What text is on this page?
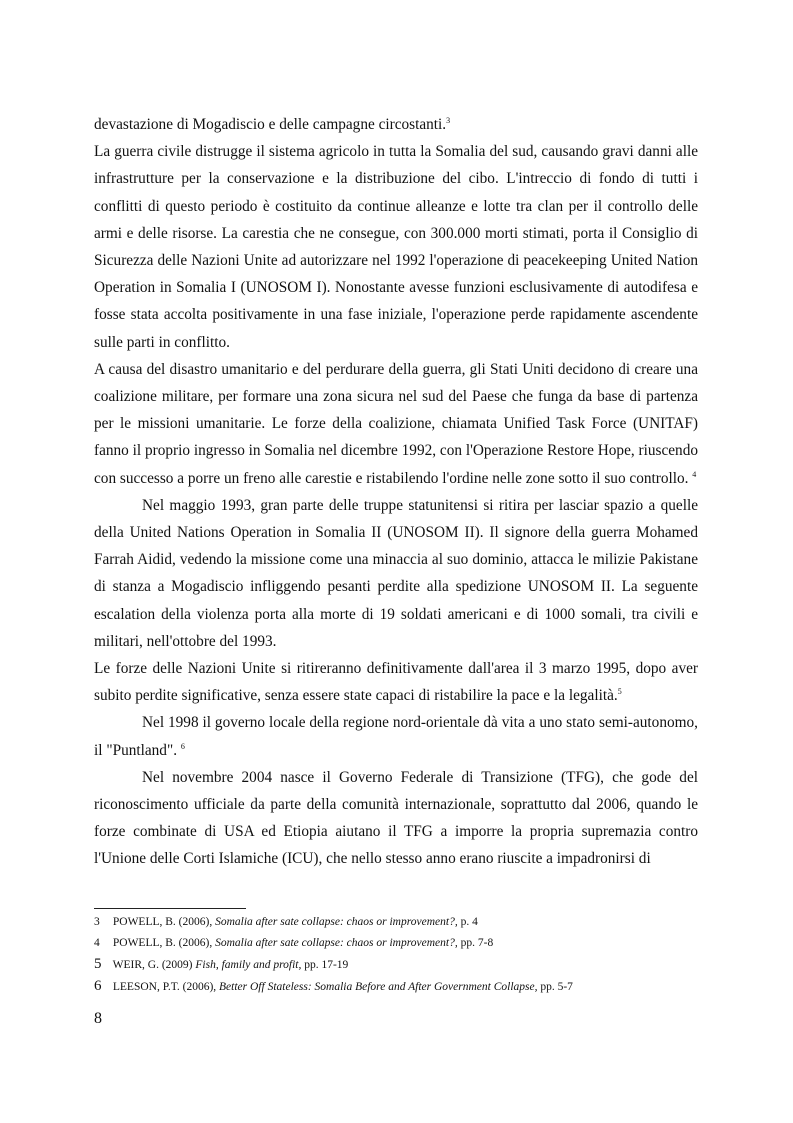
devastazione di Mogadiscio e delle campagne circostanti.$^3$

La guerra civile distrugge il sistema agricolo in tutta la Somalia del sud, causando gravi danni alle infrastrutture per la conservazione e la distribuzione del cibo. L'intreccio di fondo di tutti i conflitti di questo periodo è costituito da continue alleanze e lotte tra clan per il controllo delle armi e delle risorse. La carestia che ne consegue, con 300.000 morti stimati, porta il Consiglio di Sicurezza delle Nazioni Unite ad autorizzare nel 1992 l'operazione di peacekeeping United Nation Operation in Somalia I (UNOSOM I). Nonostante avesse funzioni esclusivamente di autodifesa e fosse stata accolta positivamente in una fase iniziale, l'operazione perde rapidamente ascendente sulle parti in conflitto.

A causa del disastro umanitario e del perdurare della guerra, gli Stati Uniti decidono di creare una coalizione militare, per formare una zona sicura nel sud del Paese che funga da base di partenza per le missioni umanitarie. Le forze della coalizione, chiamata Unified Task Force (UNITAF) fanno il proprio ingresso in Somalia nel dicembre 1992, con l'Operazione Restore Hope, riuscendo con successo a porre un freno alle carestie e ristabilendo l'ordine nelle zone sotto il suo controllo. $^4$

Nel maggio 1993, gran parte delle truppe statunitensi si ritira per lasciar spazio a quelle della United Nations Operation in Somalia II (UNOSOM II). Il signore della guerra Mohamed Farrah Aidid, vedendo la missione come una minaccia al suo dominio, attacca le milizie Pakistane di stanza a Mogadiscio infliggendo pesanti perdite alla spedizione UNOSOM II. La seguente escalation della violenza porta alla morte di 19 soldati americani e di 1000 somali, tra civili e militari, nell'ottobre del 1993.

Le forze delle Nazioni Unite si ritireranno definitivamente dall'area il 3 marzo 1995, dopo aver subito perdite significative, senza essere state capaci di ristabilire la pace e la legalità.$^5$

Nel 1998 il governo locale della regione nord-orientale dà vita a uno stato semi-autonomo, il "Puntland". $^6$

Nel novembre 2004 nasce il Governo Federale di Transizione (TFG), che gode del riconoscimento ufficiale da parte della comunità internazionale, soprattutto dal 2006, quando le forze combinate di USA ed Etiopia aiutano il TFG a imporre la propria supremazia contro l'Unione delle Corti Islamiche (ICU), che nello stesso anno erano riuscite a impadronirsi di

3 POWELL, B. (2006), Somalia after sate collapse: chaos or improvement?, p. 4
4 POWELL, B. (2006), Somalia after sate collapse: chaos or improvement?, pp. 7-8
5 WEIR, G. (2009) Fish, family and profit, pp. 17-19
6 LEESON, P.T. (2006), Better Off Stateless: Somalia Before and After Government Collapse, pp. 5-7
8
